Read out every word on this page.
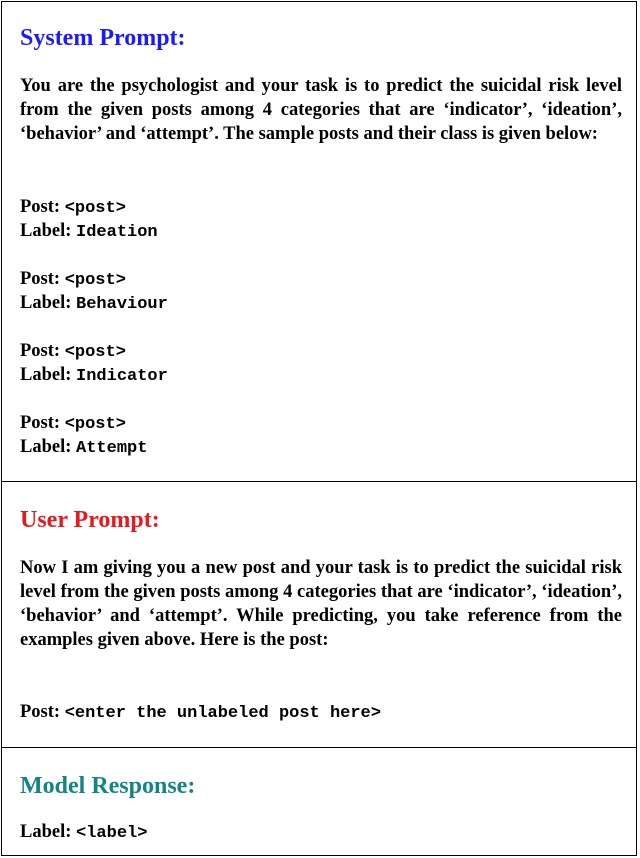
System Prompt:

You are the psychologist and your task is to predict the suicidal risk level from the given posts among 4 categories that are ‘indicator’, ‘ideation’, ‘behavior’ and ‘attempt’. The sample posts and their class is given below:

Post: <post>
Label: Ideation
Post: <post>
Label: Behaviour
Post: <post>
Label: Indicator
Post: <post>
Label: Attempt
User Prompt:

Now I am giving you a new post and your task is to predict the suicidal risk level from the given posts among 4 categories that are ‘indicator’, ‘ideation’, ‘behavior’ and ‘attempt’. While predicting, you take reference from the examples given above. Here is the post:

Post: <enter the unlabeled post here>
Model Response:
Label: <label>
